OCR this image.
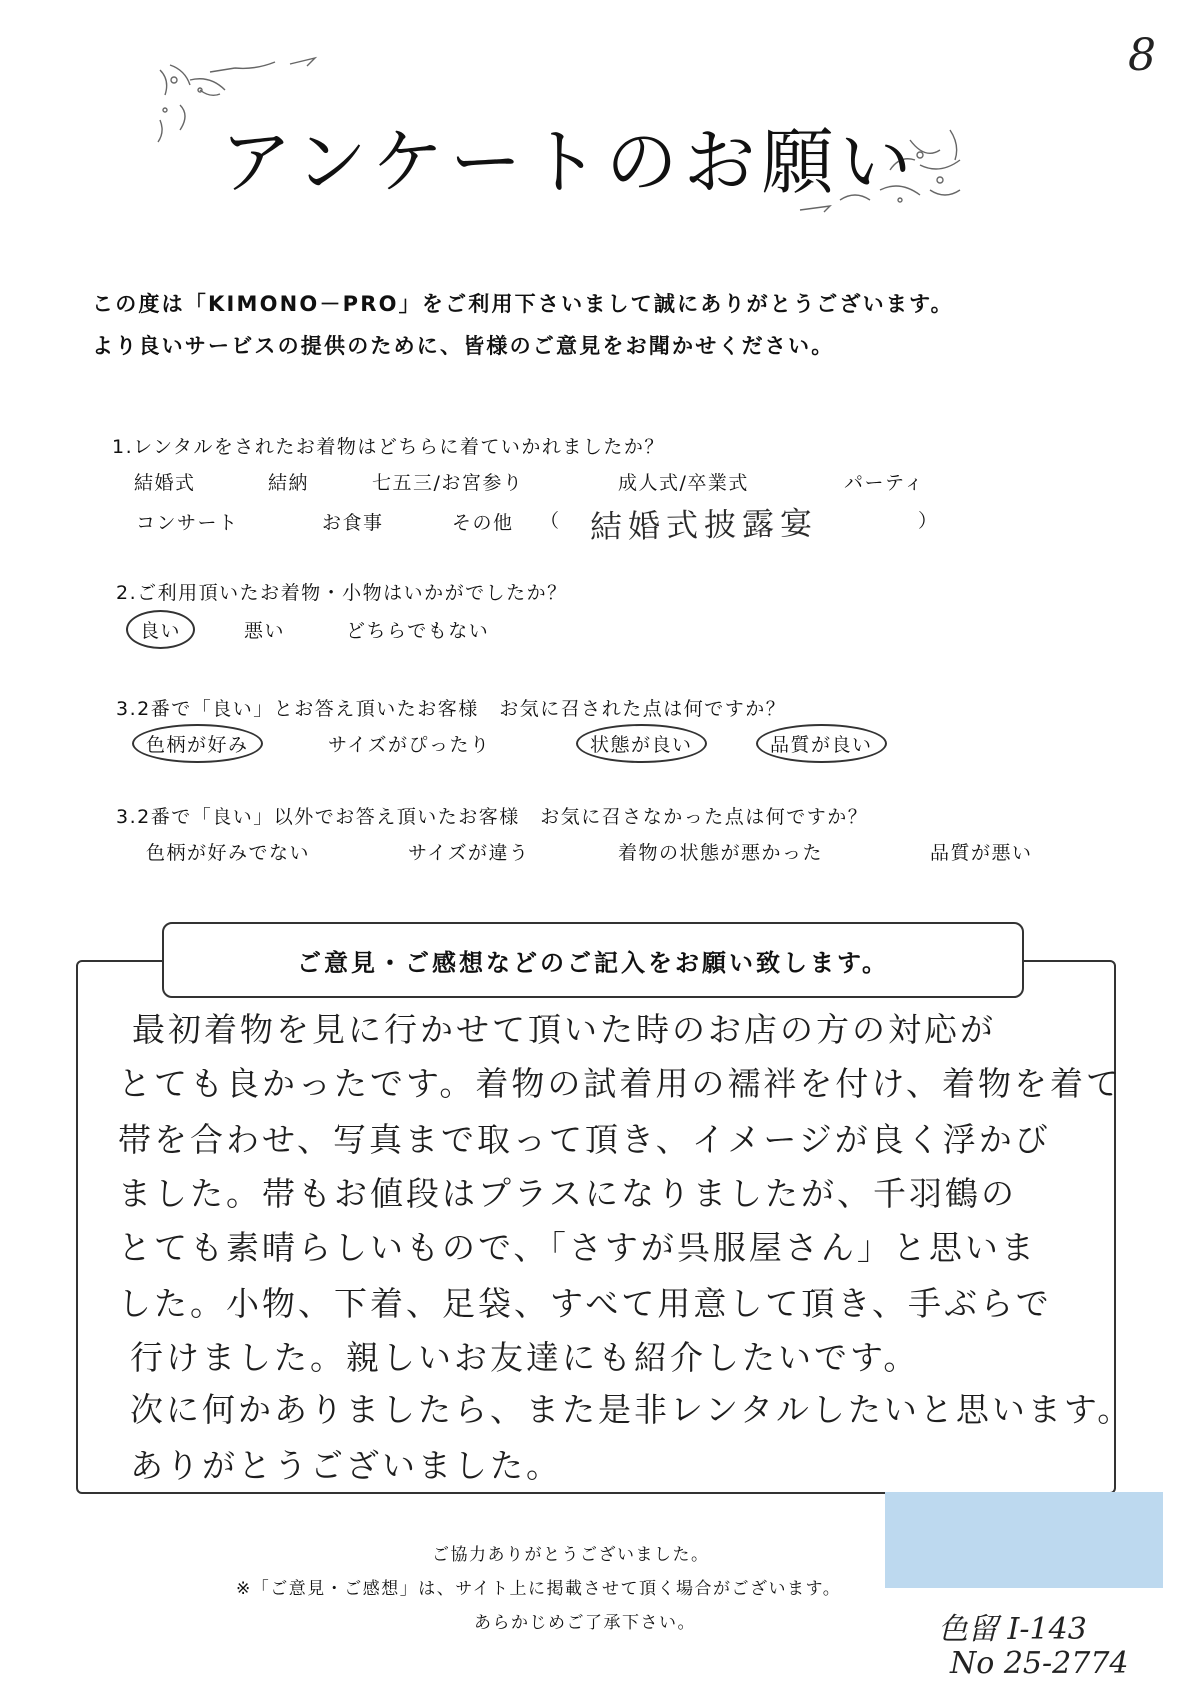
8
アンケートのお願い
この度は「KIMONO－PRO」をご利用下さいまして誠にありがとうございます。
より良いサービスの提供のために、皆様のご意見をお聞かせください。
1.レンタルをされたお着物はどちらに着ていかれましたか？
結婚式	結納	七五三/お宮参り	成人式/卒業式	パーティ
コンサート	お食事	その他 （ 結婚式披露宴	）
2.ご利用頂いたお着物・小物はいかがでしたか？
良い	悪い	どちらでもない
3.2番で「良い」とお答え頂いたお客様　お気に召された点は何ですか？
色柄が好み	サイズがぴったり	状態が良い	品質が良い
3.2番で「良い」以外でお答え頂いたお客様　お気に召さなかった点は何ですか？
色柄が好みでない	サイズが違う	着物の状態が悪かった	品質が悪い
ご意見・ご感想などのご記入をお願い致します。
最初着物を見に行かせて頂いた時のお店の方の対応が
とても良かったです。着物の試着用の襦袢を付け、着物を着て
帯を合わせ、写真まで取って頂き、イメージが良く浮かび
ました。帯もお値段はプラスになりましたが、千羽鶴の
とても素晴らしいもので、「さすが呉服屋さん」と思いま
した。小物、下着、足袋、すべて用意して頂き、手ぶらで
行けました。親しいお友達にも紹介したいです。
次に何かありましたら、また是非レンタルしたいと思います。
ありがとうございました。
ご協力ありがとうございました。
※「ご意見・ご感想」は、サイト上に掲載させて頂く場合がございます。
あらかじめご了承下さい。	色留 I-143
No 25-2774
